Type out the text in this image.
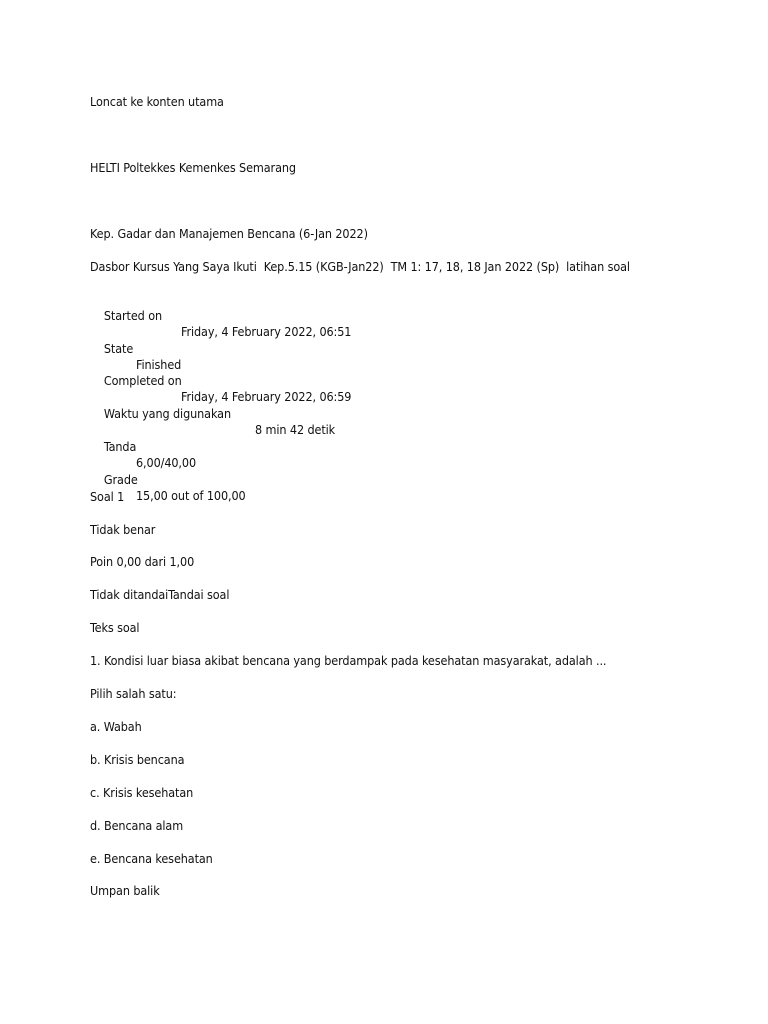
Loncat ke konten utama
HELTI Poltekkes Kemenkes Semarang
Kep. Gadar dan Manajemen Bencana (6-Jan 2022)
Dasbor Kursus Yang Saya Ikuti  Kep.5.15 (KGB-Jan22)  TM 1: 17, 18, 18 Jan 2022 (Sp)  latihan soal

Started on

Friday, 4 February 2022, 06:51

State

Finished

Completed on

Friday, 4 February 2022, 06:59

Waktu yang digunakan

8 min 42 detik

Tanda

6,00/40,00

Grade

15,00 out of 100,00

Soal 1
Tidak benar
Poin 0,00 dari 1,00
Tidak ditandaiTandai soal
Teks soal
1. Kondisi luar biasa akibat bencana yang berdampak pada kesehatan masyarakat, adalah ...
Pilih salah satu:
a. Wabah
b. Krisis bencana
c. Krisis kesehatan
d. Bencana alam
e. Bencana kesehatan
Umpan balik
